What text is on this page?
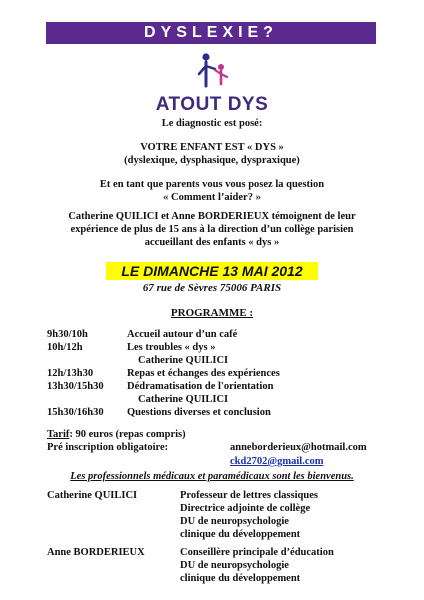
DYSLEXIE?
ATOUT DYS
Le diagnostic est posé:
VOTRE ENFANT EST « DYS »
(dyslexique, dysphasique, dyspraxique)
Et en tant que parents vous vous posez la question
« Comment l’aider? »
Catherine QUILICI et Anne BORDERIEUX témoignent de leur
expérience de plus de 15 ans à la direction d’un collège parisien
accueillant des enfants « dys »
LE DIMANCHE 13 MAI 2012
67 rue de Sèvres 75006 PARIS
PROGRAMME :
9h30/10h	Accueil autour d’un café
10h/12h	Les troubles « dys »
Catherine QUILICI
12h/13h30	Repas et échanges des expériences
13h30/15h30 Dédramatisation de l'orientation
Catherine QUILICI
15h30/16h30 Questions diverses et conclusion
Tarif: 90 euros (repas compris)
Pré inscription obligatoire:	anneborderieux@hotmail.com
ckd2702@gmail.com
Les professionnels médicaux et paramédicaux sont les bienvenus.
Catherine QUILICI	Professeur de lettres classiques
Directrice adjointe de collège
DU de neuropsychologie
clinique du développement
Anne BORDERIEUX	Conseillère principale d’éducation
DU de neuropsychologie
clinique du développement
